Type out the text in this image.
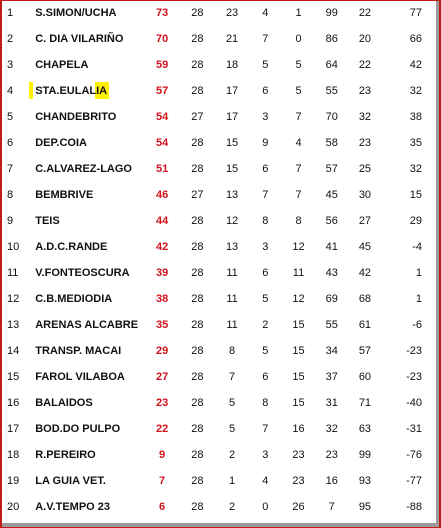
1	S.SIMON/UCHA	73	28	23	4	1	99	22	77
2	C. DIA VILARIÑO	70	28	21	7	0	86	20	66
3	CHAPELA	59	28	18	5	5	64	22	42
4	STA.EULALIA	57	28	17	6	5	55	23	32
5	CHANDEBRITO	54	27	17	3	7	70	32	38
6	DEP.COIA	54	28	15	9	4	58	23	35
7	C.ALVAREZ-LAGO	51	28	15	6	7	57	25	32
8	BEMBRIVE	46	27	13	7	7	45	30	15
9	TEIS	44	28	12	8	8	56	27	29
10	A.D.C.RANDE	42	28	13	3	12	41	45	-4
11	V.FONTEOSCURA	39	28	11	6	11	43	42	1
12	C.B.MEDIODIA	38	28	11	5	12	69	68	1
13	ARENAS ALCABRE	35	28	11	2	15	55	61	-6
14	TRANSP. MACAI	29	28	8	5	15	34	57	-23
15	FAROL VILABOA	27	28	7	6	15	37	60	-23
16	BALAIDOS	23	28	5	8	15	31	71	-40
17	BOD.DO PULPO	22	28	5	7	16	32	63	-31
18	R.PEREIRO	9	28	2	3	23	23	99	-76
19	LA GUIA VET.	7	28	1	4	23	16	93	-77
20	A.V.TEMPO 23	6	28	2	0	26	7	95	-88
